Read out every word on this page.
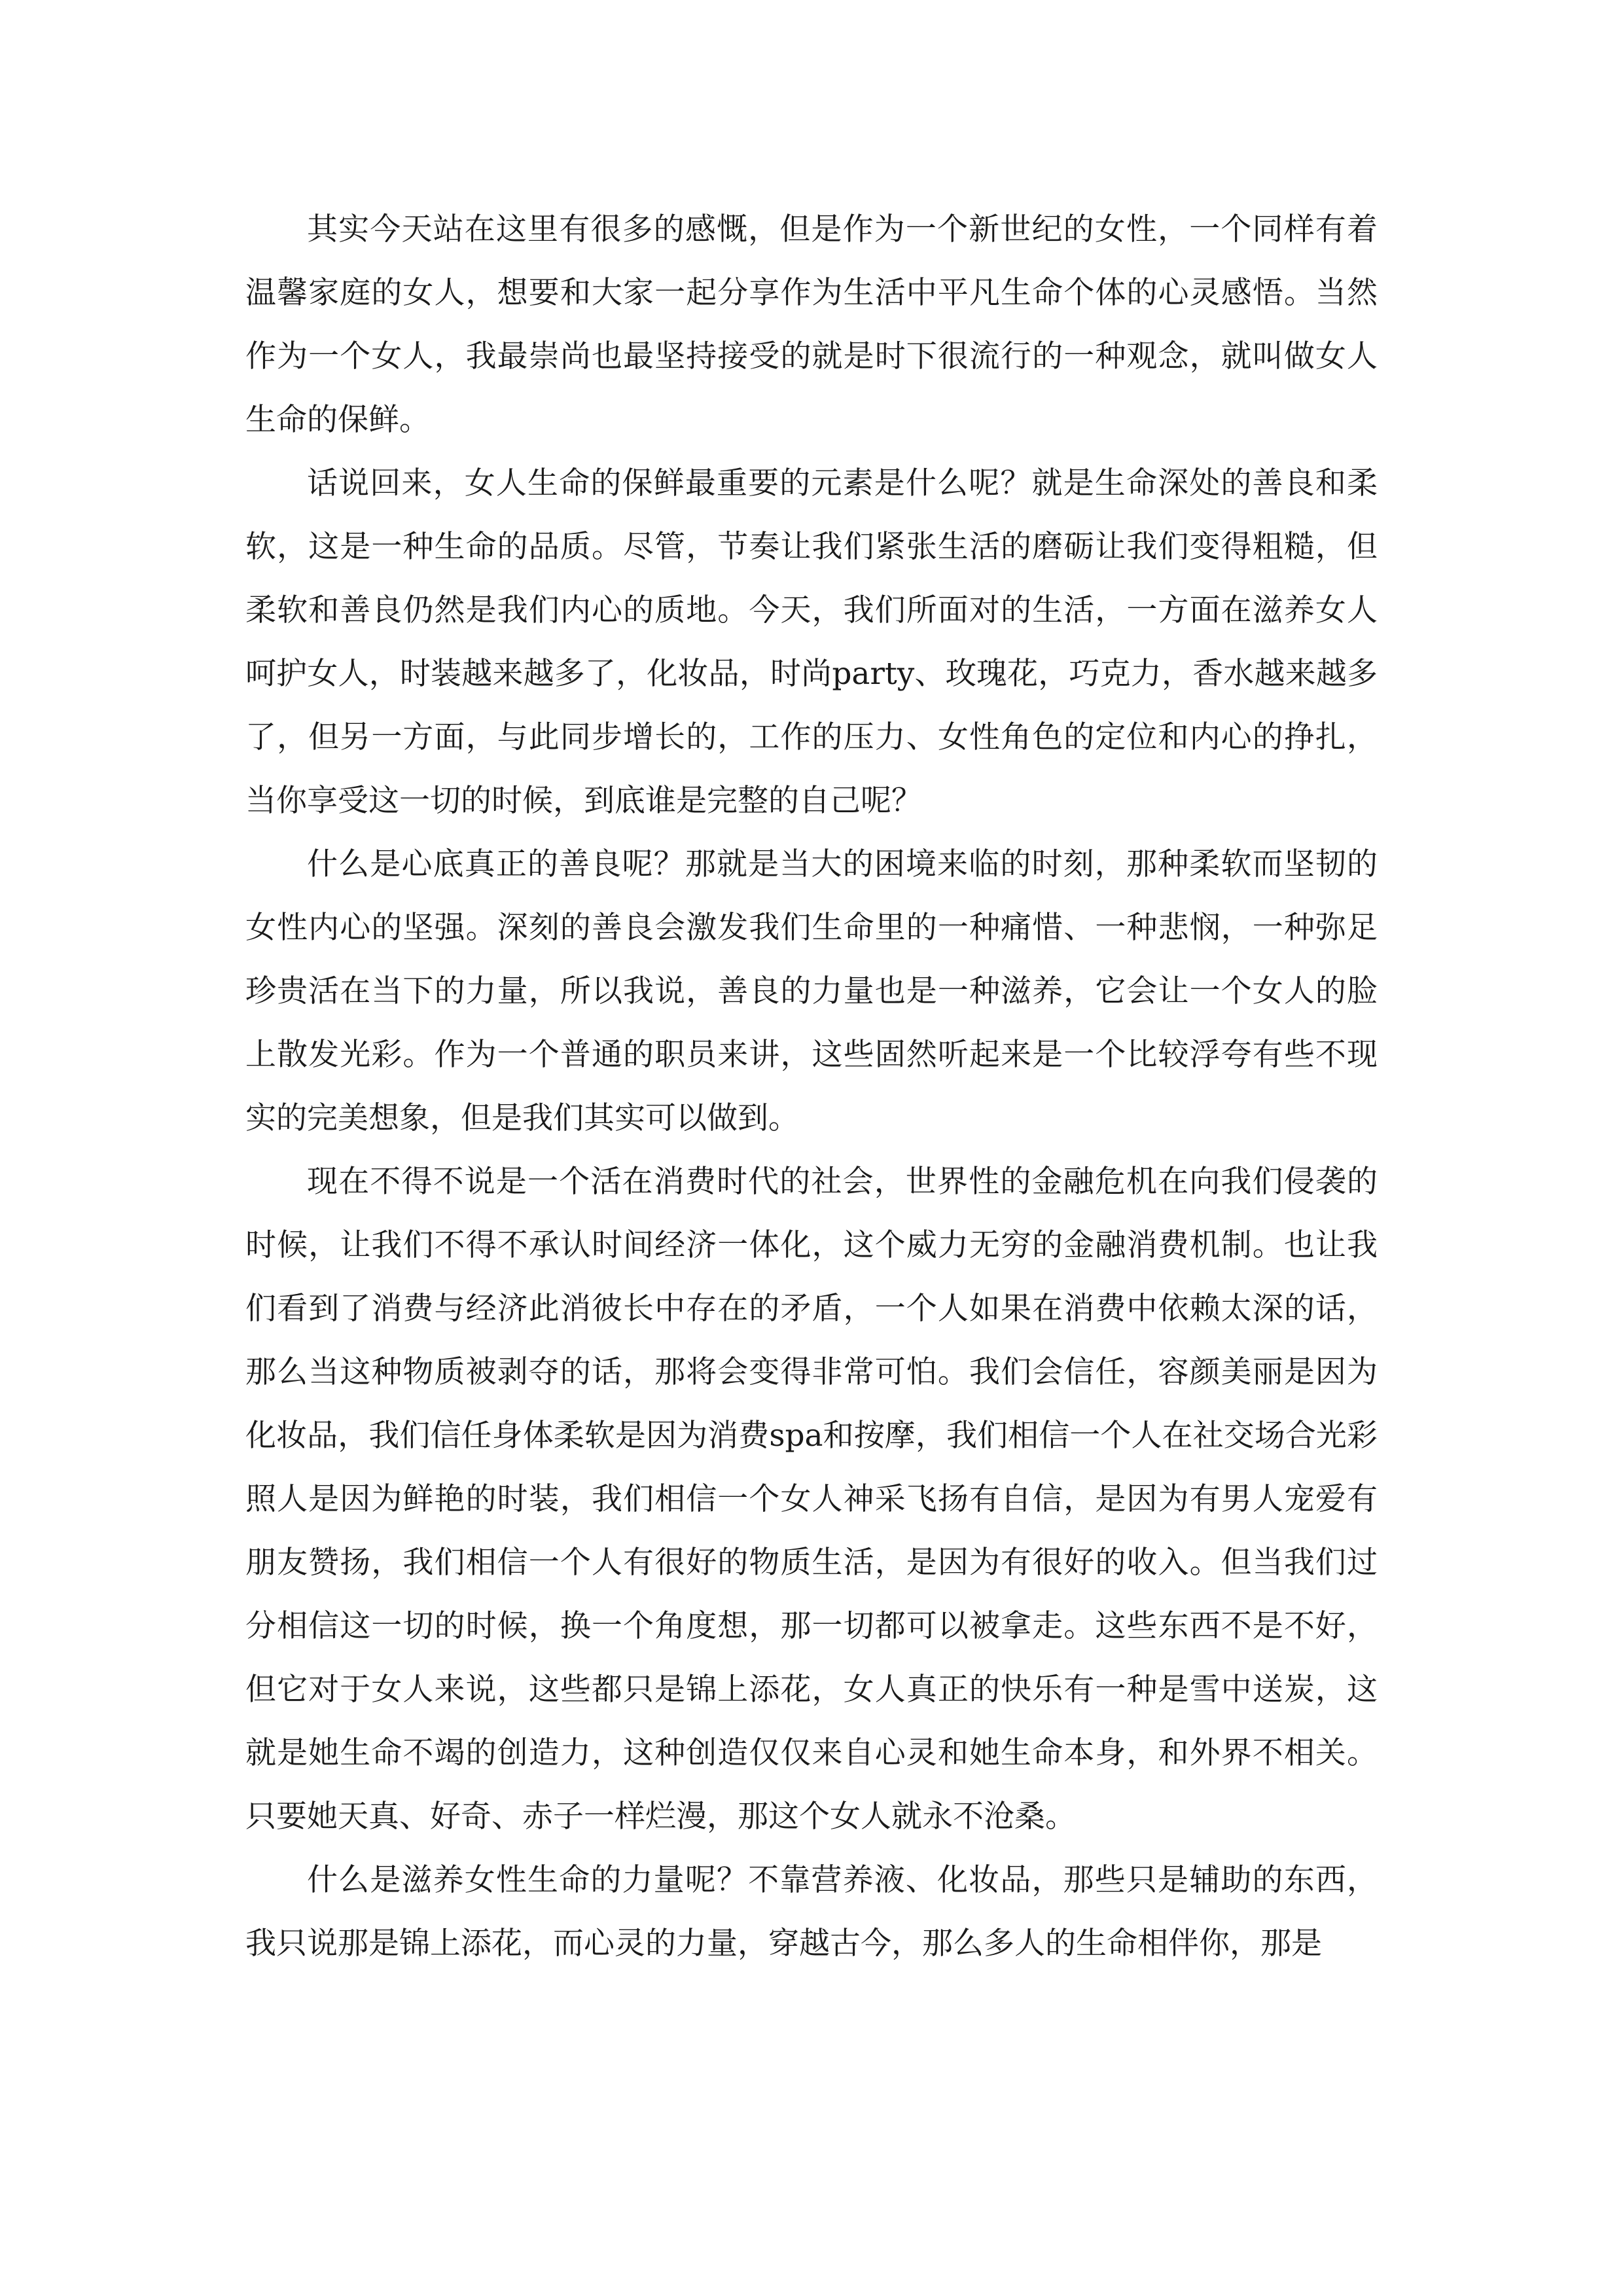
其实今天站在这里有很多的感慨，但是作为一个新世纪的女性，一个同样有着温馨家庭的女人，想要和大家一起分享作为生活中平凡生命个体的心灵感悟。当然作为一个女人，我最崇尚也最坚持接受的就是时下很流行的一种观念，就叫做女人生命的保鲜。

话说回来，女人生命的保鲜最重要的元素是什么呢？就是生命深处的善良和柔软，这是一种生命的品质。尽管，节奏让我们紧张生活的磨砺让我们变得粗糙，但柔软和善良仍然是我们内心的质地。今天，我们所面对的生活，一方面在滋养女人呵护女人，时装越来越多了，化妆品，时尚party、玫瑰花，巧克力，香水越来越多了，但另一方面，与此同步增长的，工作的压力、女性角色的定位和内心的挣扎，当你享受这一切的时候，到底谁是完整的自己呢？

什么是心底真正的善良呢？那就是当大的困境来临的时刻，那种柔软而坚韧的女性内心的坚强。深刻的善良会激发我们生命里的一种痛惜、一种悲悯，一种弥足珍贵活在当下的力量，所以我说，善良的力量也是一种滋养，它会让一个女人的脸上散发光彩。作为一个普通的职员来讲，这些固然听起来是一个比较浮夸有些不现实的完美想象，但是我们其实可以做到。

现在不得不说是一个活在消费时代的社会，世界性的金融危机在向我们侵袭的时候，让我们不得不承认时间经济一体化，这个威力无穷的金融消费机制。也让我们看到了消费与经济此消彼长中存在的矛盾，一个人如果在消费中依赖太深的话，那么当这种物质被剥夺的话，那将会变得非常可怕。我们会信任，容颜美丽是因为化妆品，我们信任身体柔软是因为消费spa和按摩，我们相信一个人在社交场合光彩照人是因为鲜艳的时装，我们相信一个女人神采飞扬有自信，是因为有男人宠爱有朋友赞扬，我们相信一个人有很好的物质生活，是因为有很好的收入。但当我们过分相信这一切的时候，换一个角度想，那一切都可以被拿走。这些东西不是不好，但它对于女人来说，这些都只是锦上添花，女人真正的快乐有一种是雪中送炭，这就是她生命不竭的创造力，这种创造仅仅来自心灵和她生命本身，和外界不相关。只要她天真、好奇、赤子一样烂漫，那这个女人就永不沧桑。

什么是滋养女性生命的力量呢？不靠营养液、化妆品，那些只是辅助的东西，我只说那是锦上添花，而心灵的力量，穿越古今，那么多人的生命相伴你，那是
